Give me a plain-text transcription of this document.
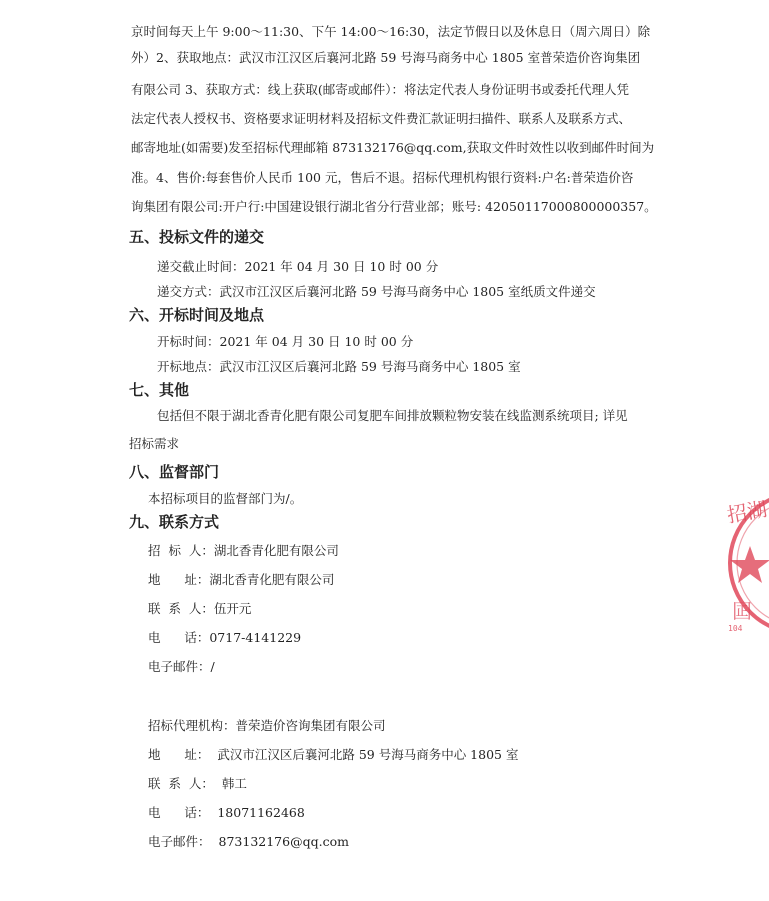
京时间每天上午 9:00～11:30、下午 14:00～16:30，法定节假日以及休息日（周六周日）除
外）2、获取地点：武汉市江汉区后襄河北路 59 号海马商务中心 1805 室普荣造价咨询集团
有限公司 3、获取方式：线上获取(邮寄或邮件）：将法定代表人身份证明书或委托代理人凭
法定代表人授权书、资格要求证明材料及招标文件费汇款证明扫描件、联系人及联系方式、
邮寄地址(如需要)发至招标代理邮箱 873132176@qq.com,获取文件时效性以收到邮件时间为
准。4、售价:每套售价人民币 100 元，售后不退。招标代理机构银行资料:户名:普荣造价咨
询集团有限公司:开户行:中国建设银行湖北省分行营业部；账号: 42050117000800000357。
五、投标文件的递交
递交截止时间：2021 年 04 月 30 日 10 时 00 分
递交方式：武汉市江汉区后襄河北路 59 号海马商务中心 1805 室纸质文件递交
六、开标时间及地点
开标时间：2021 年 04 月 30 日 10 时 00 分
开标地点：武汉市江汉区后襄河北路 59 号海马商务中心 1805 室
七、其他
包括但不限于湖北香青化肥有限公司复肥车间排放颗粒物安装在线监测系统项目; 详见
招标需求
八、监督部门
本招标项目的监督部门为/。
九、联系方式
招  标  人：湖北香青化肥有限公司
地      址：湖北香青化肥有限公司
联  系  人：伍开元
电      话：0717-4141229
电子邮件：/
招标代理机构：普荣造价咨询集团有限公司
地      址： 武汉市江汉区后襄河北路 59 号海马商务中心 1805 室
联  系  人： 韩工
电      话： 18071162468
电子邮件： 873132176@qq.com
招湖
囸
104
